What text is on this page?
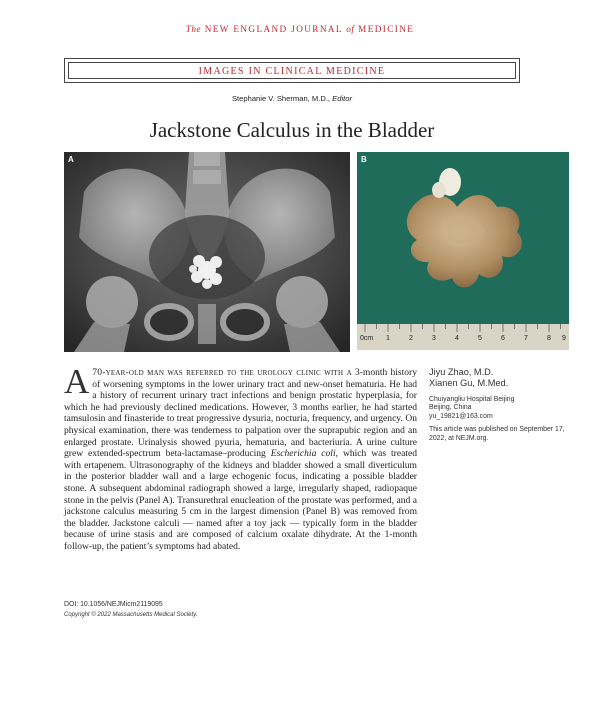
The NEW ENGLAND JOURNAL of MEDICINE
IMAGES IN CLINICAL MEDICINE
Stephanie V. Sherman, M.D., Editor
Jackstone Calculus in the Bladder
A	B
0cm 1	2	3	4	5	6	7	8 9
A 70-year-old man was referred to the urology clinic with a 3-month history of worsening symptoms in the lower urinary tract and new-onset hematuria. He had a history of recurrent urinary tract infections and benign prostatic hyperplasia, for which he had previously declined medications. However, 3 months earlier, he had started tamsulosin and finasteride to treat progressive dysuria, nocturia, frequency, and urgency. On physical examination, there was tenderness to palpation over the suprapubic region and an enlarged prostate. Urinalysis showed pyuria, hematuria, and bacteriuria. A urine culture grew extended-spectrum beta-lactamase–producing Escherichia coli, which was treated with ertapenem. Ultrasonography of the kidneys and bladder showed a small diverticulum in the posterior bladder wall and a large echogenic focus, indicating a possible bladder stone. A subsequent abdominal radiograph showed a large, irregularly shaped, radiopaque stone in the pelvis (Panel A). Transurethral enucleation of the prostate was performed, and a jackstone calculus measuring 5 cm in the largest dimension (Panel B) was removed from the bladder. Jackstone calculi — named after a toy jack — typically form in the bladder because of urine stasis and are composed of calcium oxalate dihydrate. At the 1-month follow-up, the patient’s symptoms had abated.
Jiyu Zhao, M.D.
Xianen Gu, M.Med.
Chuiyangliu Hospital Beijing
Beijing, China
yu_19821@163.com
This article was published on September 17, 2022, at NEJM.org.
DOI: 10.1056/NEJMicm2119095
Copyright © 2022 Massachusetts Medical Society.
